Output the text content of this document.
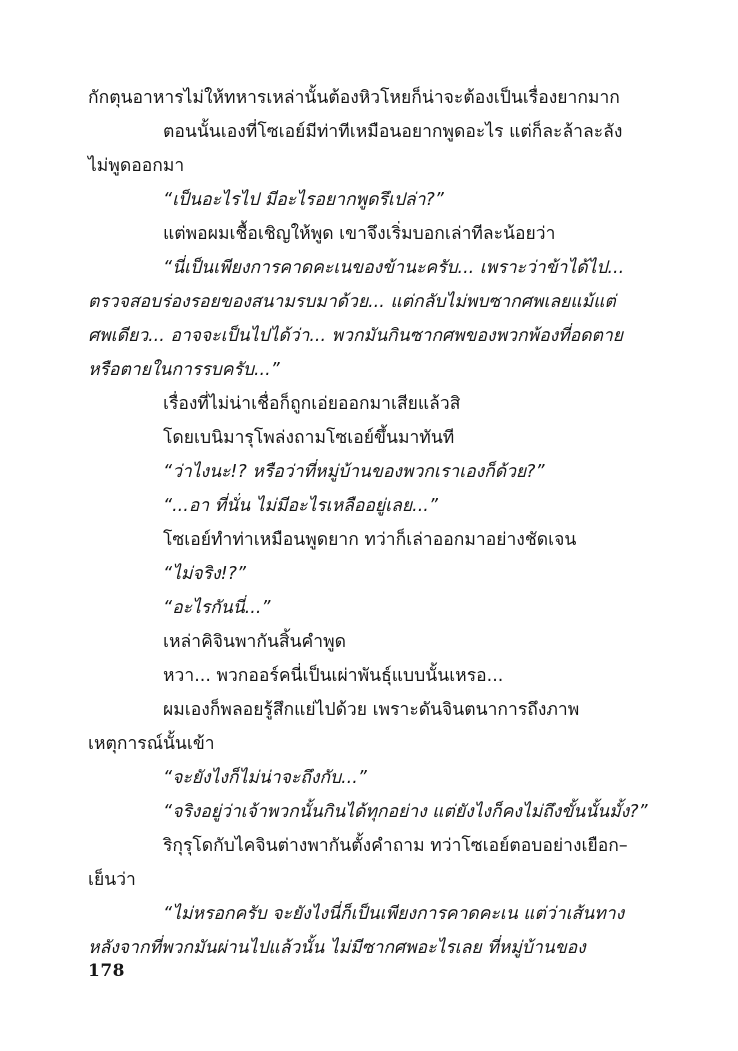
กักตุนอาหารไม่ให้ทหารเหล่านั้นต้องหิวโหยก็น่าจะต้องเป็นเรื่องยากมาก
ตอนนั้นเองที่โซเอย์มีท่าทีเหมือนอยากพูดอะไร แต่ก็ละล้าละลัง
ไม่พูดออกมา
“เป็นอะไรไป มีอะไรอยากพูดรึเปล่า?”
แต่พอผมเชื้อเชิญให้พูด เขาจึงเริ่มบอกเล่าทีละน้อยว่า
“นี่เป็นเพียงการคาดคะเนของข้านะครับ... เพราะว่าข้าได้ไป...
ตรวจสอบร่องรอยของสนามรบมาด้วย... แต่กลับไม่พบซากศพเลยแม้แต่
ศพเดียว... อาจจะเป็นไปได้ว่า... พวกมันกินซากศพของพวกพ้องที่อดตาย
หรือตายในการรบครับ...”
เรื่องที่ไม่น่าเชื่อก็ถูกเอ่ยออกมาเสียแล้วสิ
โดยเบนิมารุโพล่งถามโซเอย์ขึ้นมาทันที
“ว่าไงนะ!? หรือว่าที่หมู่บ้านของพวกเราเองก็ด้วย?”
“...อา ที่นั่น ไม่มีอะไรเหลืออยู่เลย...”
โซเอย์ทำท่าเหมือนพูดยาก ทว่าก็เล่าออกมาอย่างชัดเจน
“ไม่จริง!?”
“อะไรกันนี่...”
เหล่าคิจินพากันสิ้นคำพูด
หวา... พวกออร์คนี่เป็นเผ่าพันธุ์แบบนั้นเหรอ...
ผมเองก็พลอยรู้สึกแย่ไปด้วย เพราะดันจินตนาการถึงภาพ
เหตุการณ์นั้นเข้า
“จะยังไงก็ไม่น่าจะถึงกับ...”
“จริงอยู่ว่าเจ้าพวกนั้นกินได้ทุกอย่าง แต่ยังไงก็คงไม่ถึงขั้นนั้นมั้ง?”
ริกุรุโดกับไคจินต่างพากันตั้งคำถาม ทว่าโซเอย์ตอบอย่างเยือก–
เย็นว่า
“ไม่หรอกครับ จะยังไงนี่ก็เป็นเพียงการคาดคะเน แต่ว่าเส้นทาง
หลังจากที่พวกมันผ่านไปแล้วนั้น ไม่มีซากศพอะไรเลย ที่หมู่บ้านของ
178
